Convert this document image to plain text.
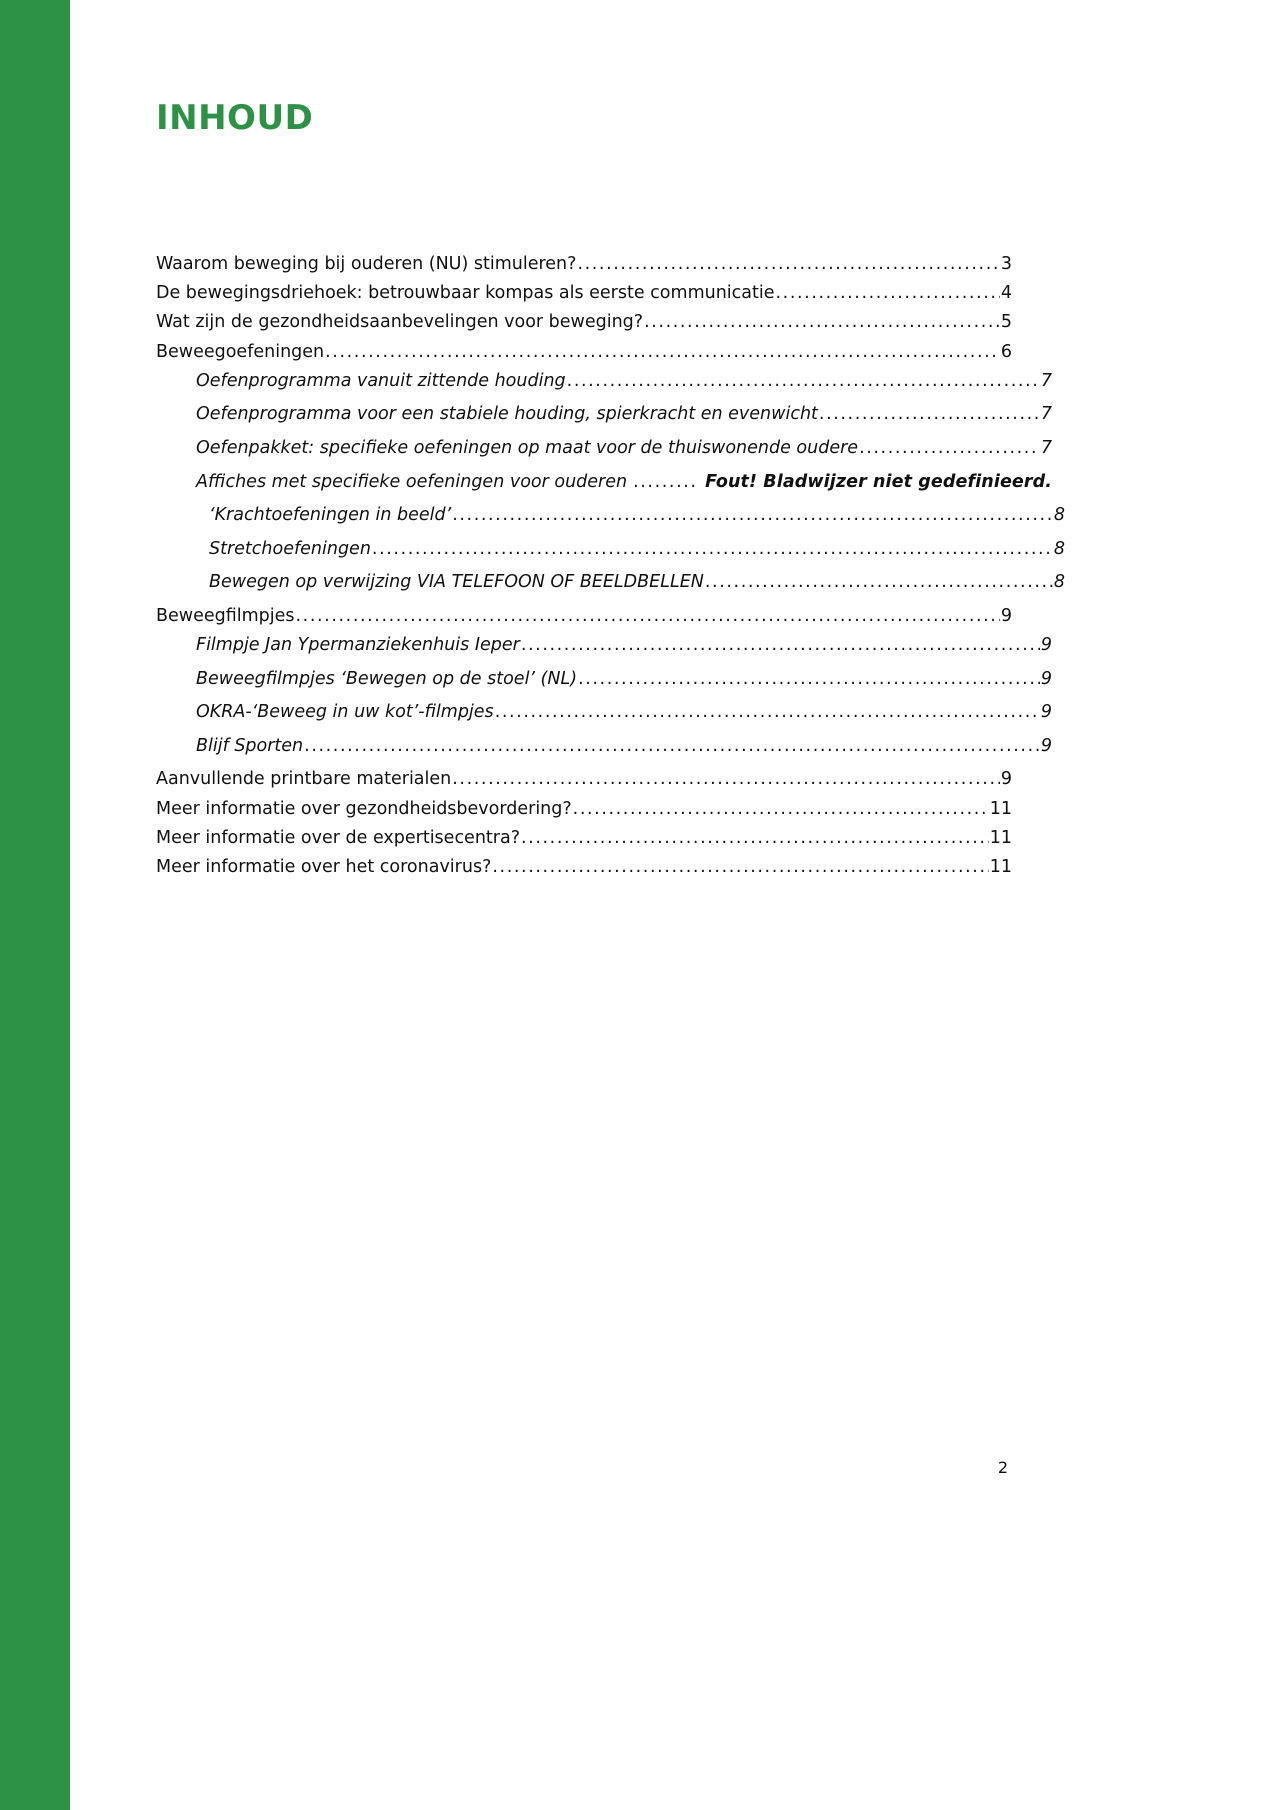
INHOUD
Waarom beweging bij ouderen (NU) stimuleren? .....	3
De bewegingsdriehoek: betrouwbaar kompas als eerste communicatie .....	4
Wat zijn de gezondheidsaanbevelingen voor beweging? .....	5
Beweegoefeningen .....	6
Oefenprogramma vanuit zittende houding .....	7
Oefenprogramma voor een stabiele houding, spierkracht en evenwicht .....	7
Oefenpakket: specifieke oefeningen op maat voor de thuiswonende oudere .....	7
Affiches met specifieke oefeningen voor ouderen .....	Fout! Bladwijzer niet gedefinieerd.
‘Krachtoefeningen in beeld’ .....	8
Stretchoefeningen .....	8
Bewegen op verwijzing VIA TELEFOON OF BEELDBELLEN .....	8
Beweegfilmpjes .....	9
Filmpje Jan Ypermanziekenhuis Ieper .....	9
Beweegfilmpjes ‘Bewegen op de stoel’ (NL) .....	9
OKRA-‘Beweeg in uw kot’-filmpjes .....	9
Blijf Sporten .....	9
Aanvullende printbare materialen .....	9
Meer informatie over gezondheidsbevordering? .....	11
Meer informatie over de expertisecentra? .....	11
Meer informatie over het coronavirus? .....	11
2
